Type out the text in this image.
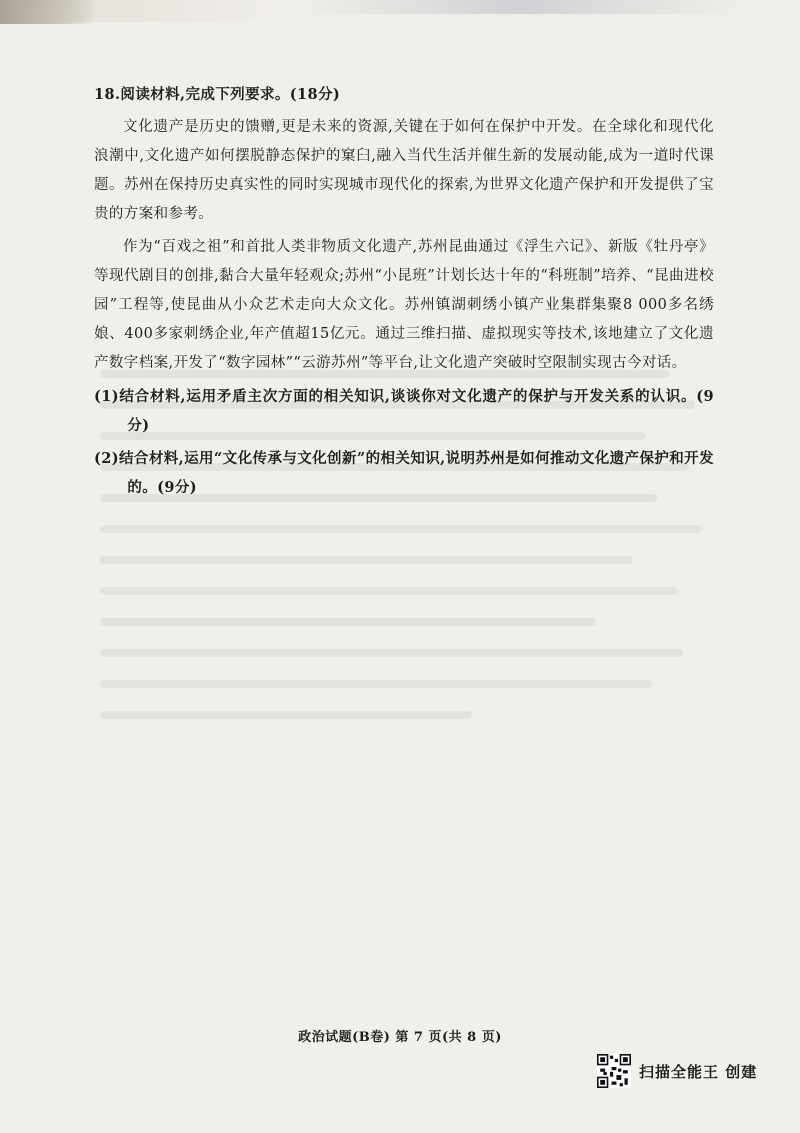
18.阅读材料,完成下列要求。(18分)

文化遗产是历史的馈赠,更是未来的资源,关键在于如何在保护中开发。在全球化和现代化浪潮中,文化遗产如何摆脱静态保护的窠臼,融入当代生活并催生新的发展动能,成为一道时代课题。苏州在保持历史真实性的同时实现城市现代化的探索,为世界文化遗产保护和开发提供了宝贵的方案和参考。

作为“百戏之祖”和首批人类非物质文化遗产,苏州昆曲通过《浮生六记》、新版《牡丹亭》等现代剧目的创排,黏合大量年轻观众;苏州“小昆班”计划长达十年的“科班制”培养、“昆曲进校园”工程等,使昆曲从小众艺术走向大众文化。苏州镇湖刺绣小镇产业集群集聚8 000多名绣娘、400多家刺绣企业,年产值超15亿元。通过三维扫描、虚拟现实等技术,该地建立了文化遗产数字档案,开发了“数字园林”“云游苏州”等平台,让文化遗产突破时空限制实现古今对话。

(1)结合材料,运用矛盾主次方面的相关知识,谈谈你对文化遗产的保护与开发关系的认识。(9分)

(2)结合材料,运用“文化传承与文化创新”的相关知识,说明苏州是如何推动文化遗产保护和开发的。(9分)

政治试题(B卷) 第 7 页(共 8 页)
扫描全能王 创建
